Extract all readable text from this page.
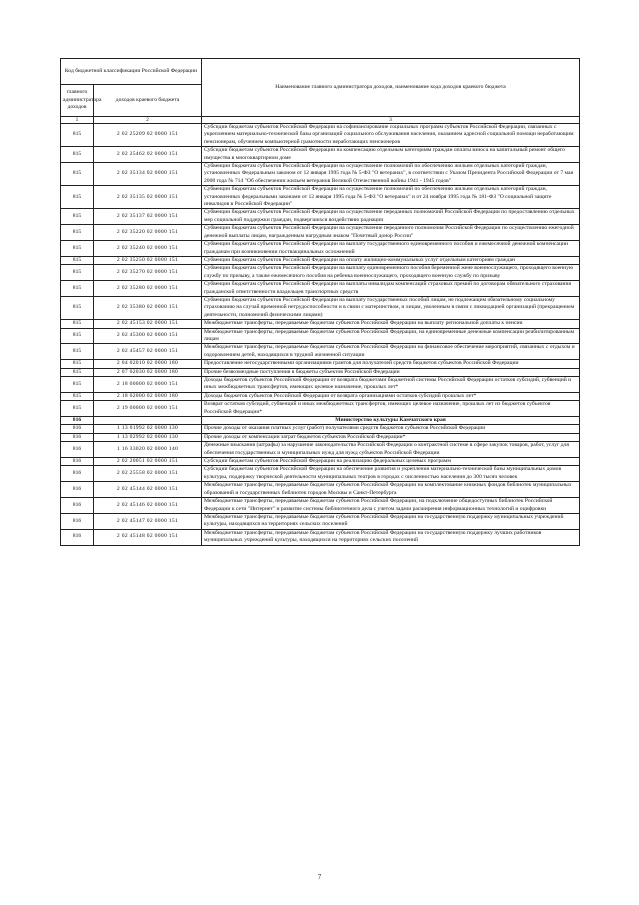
Код бюджетной классификации Российской Федерации		Наименование главного администратора доходов, наименование кода доходов краевого бюджета
главного администратора доходов	доходов краевого бюджета	
1	2	3
815	2 02 25209 02 0000 151	Субсидии бюджетам субъектов Российской Федерации на софинансирование социальных программ субъектов Российской Федерации, связанных с укреплением материально-технической базы организаций социального обслуживания населения, оказанием адресной социальной помощи неработающим пенсионерам, обучением компьютерной грамотности неработающих пенсионеров
815	2 02 25462 02 0000 151	Субсидии бюджетам субъектов Российской Федерации на компенсацию отдельным категориям граждан оплаты взноса на капитальный ремонт общего имущества в многоквартирном доме
815	2 02 35134 02 0000 151	Субвенции бюджетам субъектов Российской Федерации на осуществление полномочий по обеспечению жильем отдельных категорий граждан, установленных Федеральным законом от 12 января 1995 года № 5-ФЗ "О ветеранах", в соответствии с Указом Президента Российской Федерации от 7 мая 2008 года № 714 "Об обеспечении жильем ветеранов Великой Отечественной войны 1941 - 1945 годов"
815	2 02 35135 02 0000 151	Субвенции бюджетам субъектов Российской Федерации на осуществление полномочий по обеспечению жильем отдельных категорий граждан, установленных федеральными законами от 12 января 1995 года № 5-ФЗ "О ветеранах" и от 24 ноября 1995 года № 181-ФЗ "О социальной защите инвалидов в Российской Федерации"
815	2 02 35137 02 0000 151	Субвенции бюджетам субъектов Российской Федерации на осуществление переданных полномочий Российской Федерации по предоставлению отдельных мер социальной поддержки граждан, подвергшихся воздействию радиации
815	2 02 35220 02 0000 151	Субвенции бюджетам субъектов Российской Федерации на осуществление переданного полномочия Российской Федерации по осуществлению ежегодной денежной выплаты лицам, награжденным нагрудным знаком "Почетный донор России"
815	2 02 35240 02 0000 151	Субвенции бюджетам субъектов Российской Федерации на выплату государственного единовременного пособия и ежемесячной денежной компенсации гражданам при возникновении поствакцинальных осложнений
815	2 02 35250 02 0000 151	Субвенции бюджетам субъектов Российской Федерации на оплату жилищно-коммунальных услуг отдельным категориям граждан
815	2 02 35270 02 0000 151	Субвенции бюджетам субъектов Российской Федерации на выплату единовременного пособия беременной жене военнослужащего, проходящего военную службу по призыву, а также ежемесячного пособия на ребенка военнослужащего, проходящего военную службу по призыву
815	2 02 35280 02 0000 151	Субвенции бюджетам субъектов Российской Федерации на выплаты инвалидам компенсаций страховых премий по договорам обязательного страхования гражданской ответственности владельцев транспортных средств
815	2 02 35380 02 0000 151	Субвенции бюджетам субъектов Российской Федерации на выплату государственных пособий лицам, не подлежащим обязательному социальному страхованию на случай временной нетрудоспособности и в связи с материнством, и лицам, уволенным в связи с ликвидацией организаций (прекращением деятельности, полномочий физическими лицами)
815	2 02 45153 02 0000 151	Межбюджетные трансферты, передаваемые бюджетам субъектов Российской Федерации на выплату региональной доплаты к пенсии
815	2 02 45300 02 0000 151	Межбюджетные трансферты, передаваемые бюджетам субъектов Российской Федерации, на единовременные денежные компенсации реабилитированным лицам
815	2 02 45457 02 0000 151	Межбюджетные трансферты, передаваемые бюджетам субъектов Российской Федерации на финансовое обеспечение мероприятий, связанных с отдыхом и оздоровлением детей, находящихся в трудной жизненной ситуации
815	2 04 02010 02 0000 180	Предоставление негосударственными организациями грантов для получателей средств бюджетов субъектов Российской Федерации
815	2 07 02030 02 0000 180	Прочие безвозмездные поступления в бюджеты субъектов Российской Федерации
815	2 18 00000 02 0000 151	Доходы бюджетов субъектов Российской Федерации от возврата бюджетами бюджетной системы Российской Федерации остатков субсидий, субвенций и иных межбюджетных трансфертов, имеющих целевое назначение, прошлых лет*
815	2 18 02000 02 0000 180	Доходы бюджетов субъектов Российской Федерации от возврата организациями остатков субсидий прошлых лет*
815	2 19 00000 02 0000 151	Возврат остатков субсидий, субвенций и иных межбюджетных трансфертов, имеющих целевое назначение, прошлых лет из бюджетов субъектов Российской Федерации*
816		Министерство культуры Камчатского края
816	1 13 01992 02 0000 130	Прочие доходы от оказания платных услуг (работ) получателями средств бюджетов субъектов Российской Федерации
816	1 13 02992 02 0000 130	Прочие доходы от компенсации затрат бюджетов субъектов Российской Федерации*
816	1 16 33020 02 0000 140	Денежные взыскания (штрафы) за нарушение законодательства Российской Федерации о контрактной системе в сфере закупок товаров, работ, услуг для обеспечения государственных и муниципальных нужд для нужд субъектов Российской Федерации
816	2 02 20051 02 0000 151	Субсидии бюджетам субъектов Российской Федерации на реализацию федеральных целевых программ
816	2 02 25558 02 0000 151	Субсидии бюджетам субъектов Российской Федерации на обеспечение развития и укрепления материально-технической базы муниципальных домов культуры, поддержку творческой деятельности муниципальных театров в городах с численностью населения до 300 тысяч человек
816	2 02 45144 02 0000 151	Межбюджетные трансферты, передаваемые бюджетам субъектов Российской Федерации на комплектование книжных фондов библиотек муниципальных образований и государственных библиотек городов Москвы и Санкт-Петербурга
816	2 02 45146 02 0000 151	Межбюджетные трансферты, передаваемые бюджетам субъектов Российской Федерации, на подключение общедоступных библиотек Российской Федерации к сети "Интернет" и развитие системы библиотечного дела с учетом задачи расширения информационных технологий и оцифровки
816	2 02 45147 02 0000 151	Межбюджетные трансферты, передаваемые бюджетам субъектов Российской Федерации на государственную поддержку муниципальных учреждений культуры, находящихся на территориях сельских поселений
816	2 02 45148 02 0000 151	Межбюджетные трансферты, передаваемые бюджетам субъектов Российской Федерации на государственную поддержку лучших работников муниципальных учреждений культуры, находящихся на территориях сельских поселений
7
